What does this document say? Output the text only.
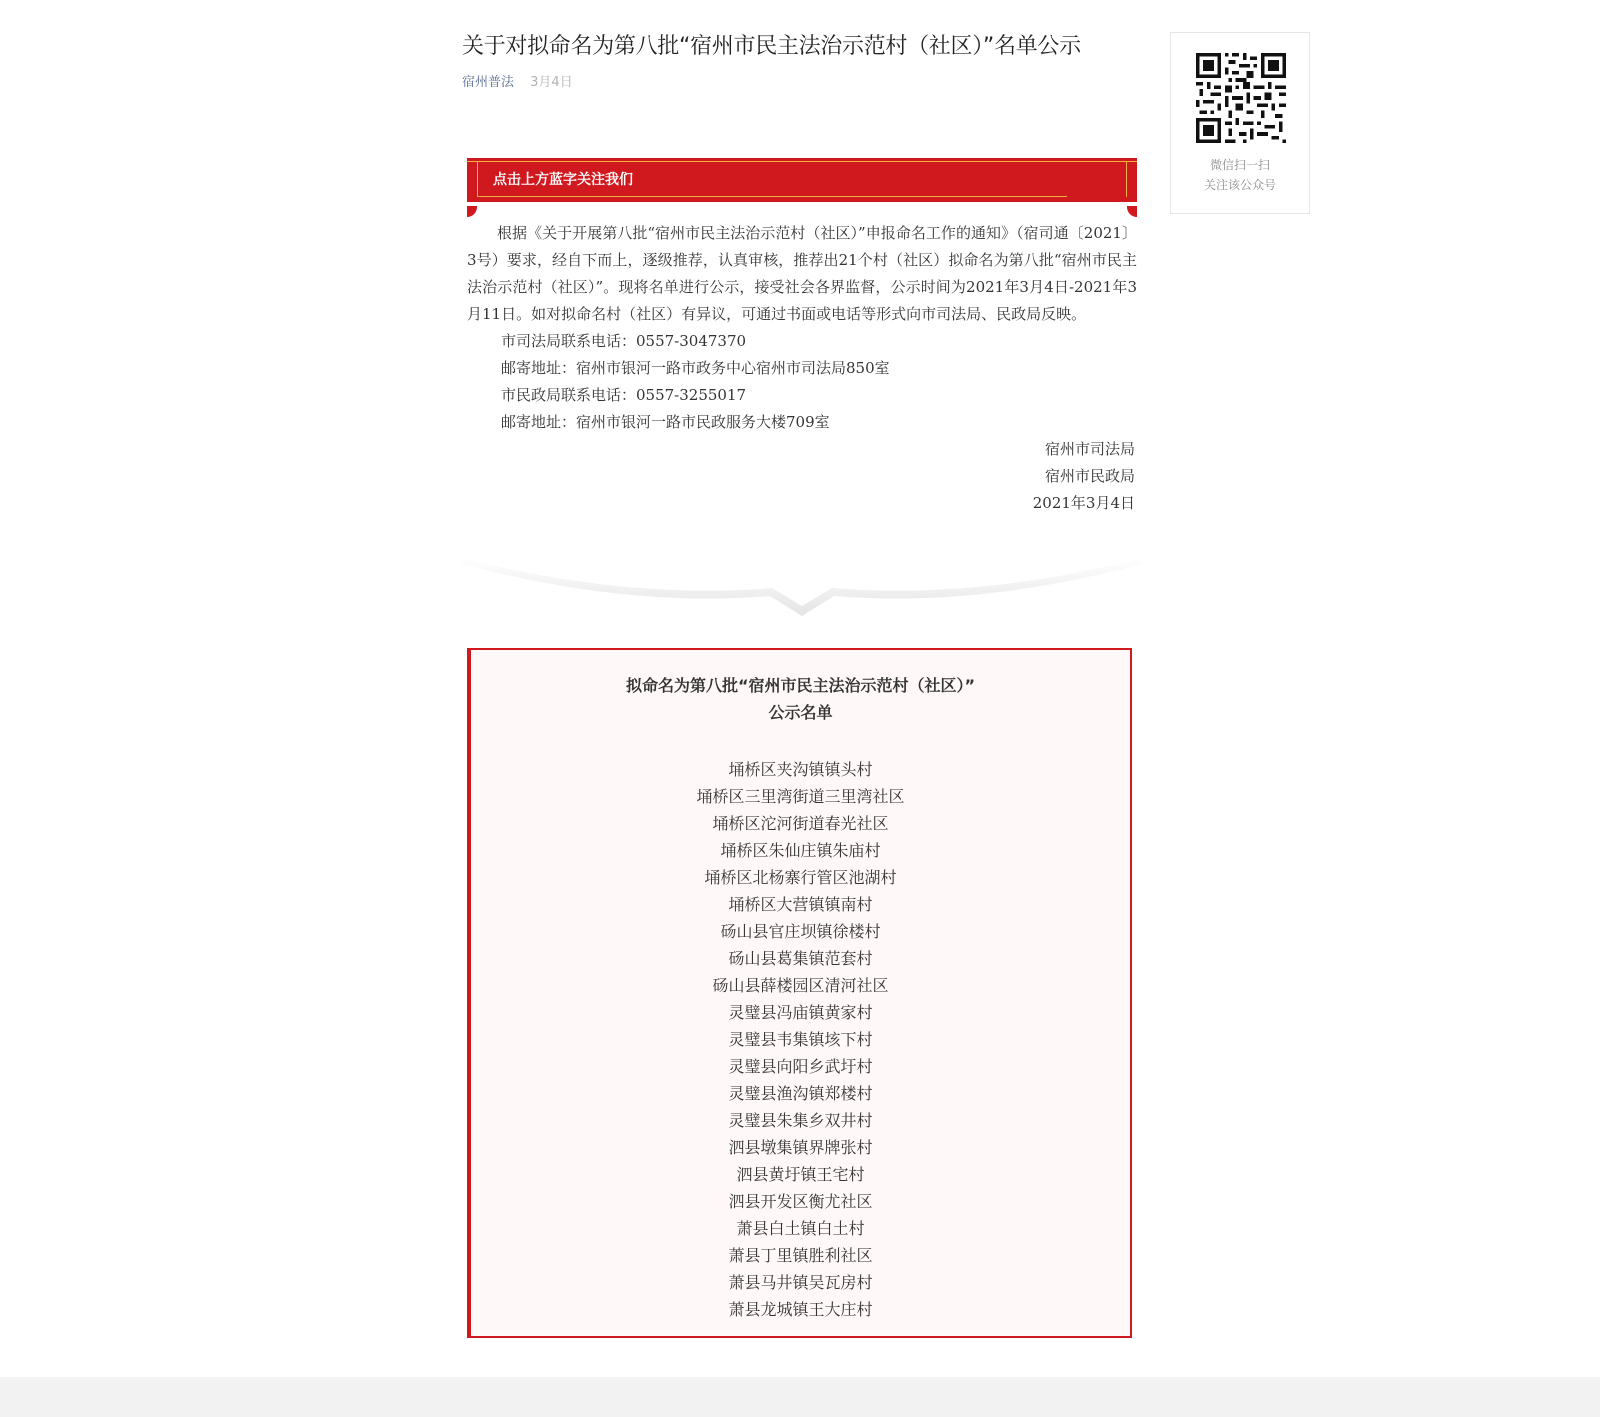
关于对拟命名为第八批“宿州市民主法治示范村（社区）”名单公示
宿州普法 3月4日
点击上方蓝字关注我们

根据《关于开展第八批“宿州市民主法治示范村（社区）”申报命名工作的通知》（宿司通〔2021〕3号）要求，经自下而上，逐级推荐，认真审核，推荐出21个村（社区）拟命名为第八批“宿州市民主法治示范村（社区）”。现将名单进行公示，接受社会各界监督，公示时间为2021年3月4日-2021年3月11日。如对拟命名村（社区）有异议，可通过书面或电话等形式向市司法局、民政局反映。

市司法局联系电话：0557-3047370

邮寄地址：宿州市银河一路市政务中心宿州市司法局850室

市民政局联系电话：0557-3255017

邮寄地址：宿州市银河一路市民政服务大楼709室

宿州市司法局

宿州市民政局

2021年3月4日

拟命名为第八批“宿州市民主法治示范村（社区）”
公示名单
埇桥区夹沟镇镇头村
埇桥区三里湾街道三里湾社区
埇桥区沱河街道春光社区
埇桥区朱仙庄镇朱庙村
埇桥区北杨寨行管区池湖村
埇桥区大营镇镇南村
砀山县官庄坝镇徐楼村
砀山县葛集镇范套村
砀山县薛楼园区清河社区
灵璧县冯庙镇黄家村
灵璧县韦集镇垓下村
灵璧县向阳乡武圩村
灵璧县渔沟镇郑楼村
灵璧县朱集乡双井村
泗县墩集镇界牌张村
泗县黄圩镇王宅村
泗县开发区衡尤社区
萧县白土镇白土村
萧县丁里镇胜利社区
萧县马井镇吴瓦房村
萧县龙城镇王大庄村
微信扫一扫
关注该公众号
